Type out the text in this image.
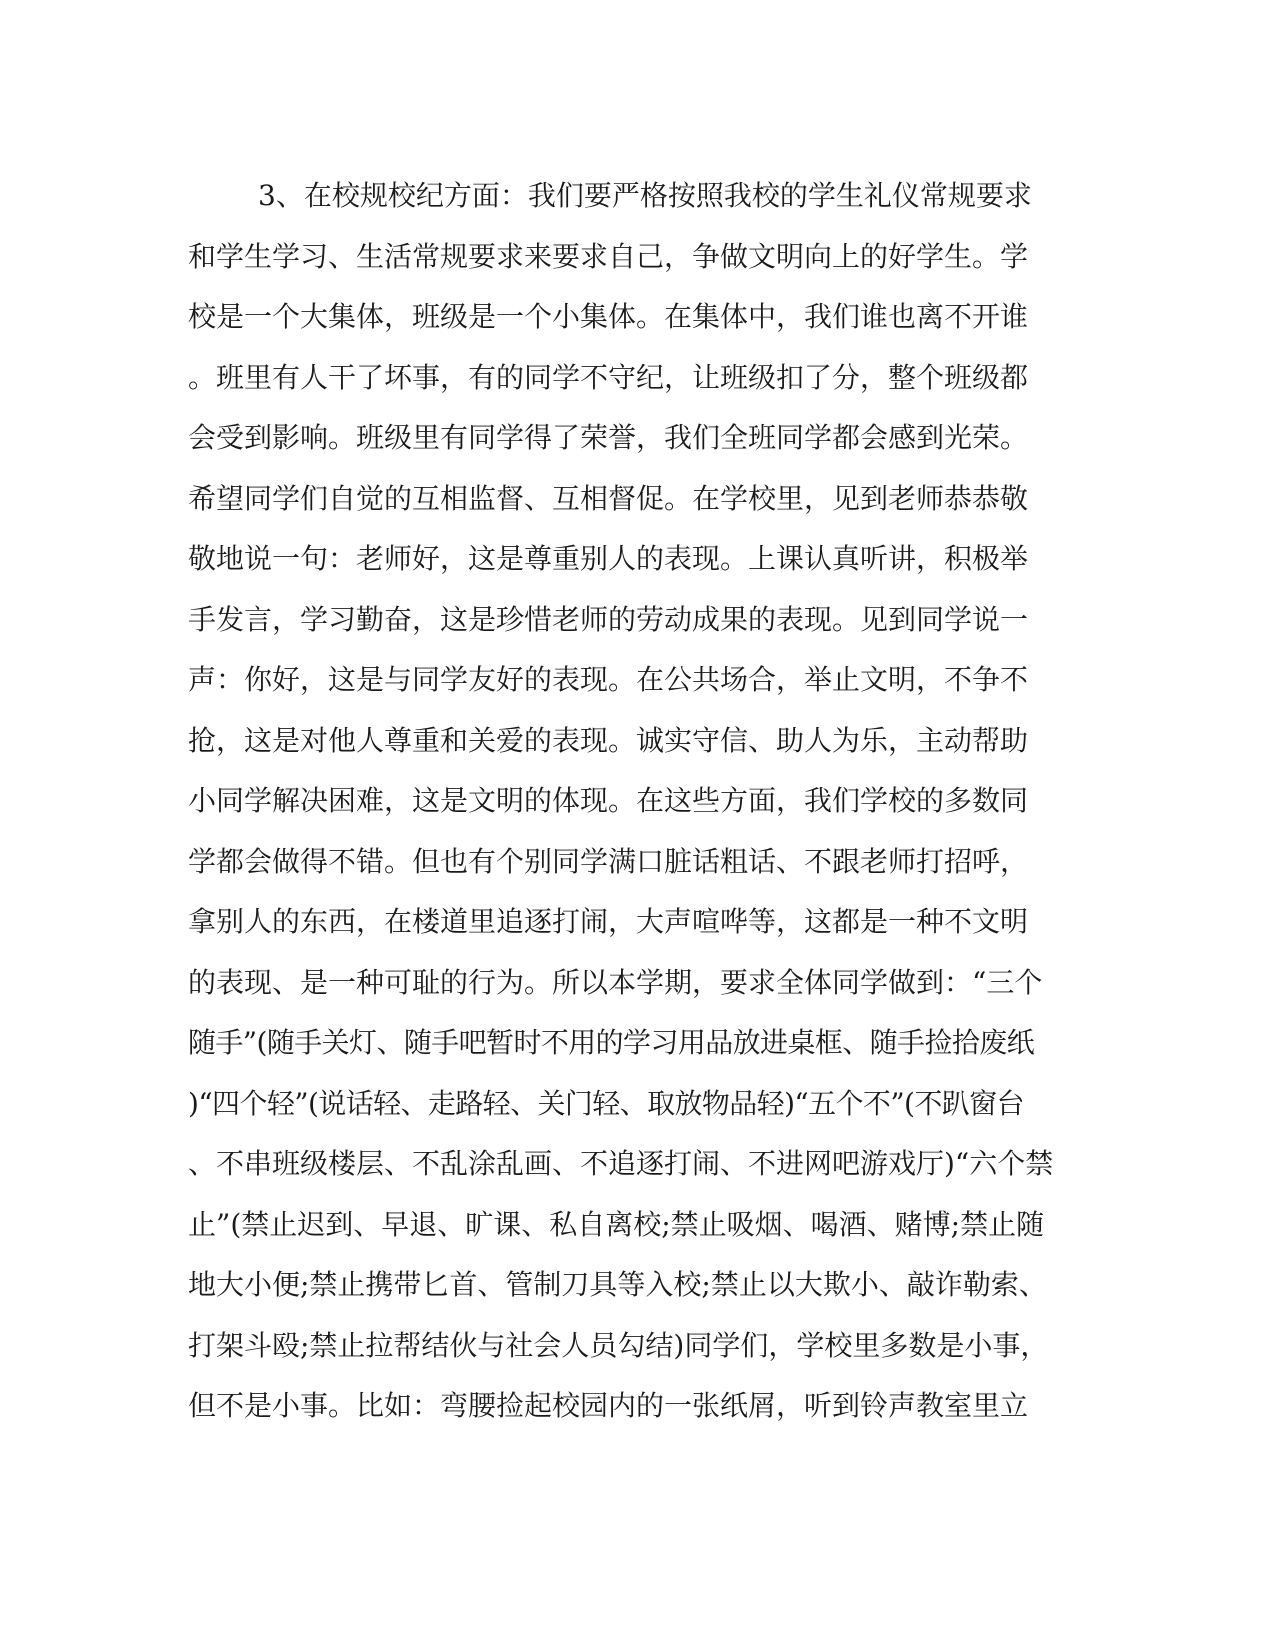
3、在校规校纪方面：我们要严格按照我校的学生礼仪常规要求
和学生学习、生活常规要求来要求自己，争做文明向上的好学生。学
校是一个大集体，班级是一个小集体。在集体中，我们谁也离不开谁
。班里有人干了坏事，有的同学不守纪，让班级扣了分，整个班级都
会受到影响。班级里有同学得了荣誉，我们全班同学都会感到光荣。
希望同学们自觉的互相监督、互相督促。在学校里，见到老师恭恭敬
敬地说一句：老师好，这是尊重别人的表现。上课认真听讲，积极举
手发言，学习勤奋，这是珍惜老师的劳动成果的表现。见到同学说一
声：你好，这是与同学友好的表现。在公共场合，举止文明，不争不
抢，这是对他人尊重和关爱的表现。诚实守信、助人为乐，主动帮助
小同学解决困难，这是文明的体现。在这些方面，我们学校的多数同
学都会做得不错。但也有个别同学满口脏话粗话、不跟老师打招呼，
拿别人的东西，在楼道里追逐打闹，大声喧哗等，这都是一种不文明
的表现、是一种可耻的行为。所以本学期，要求全体同学做到：“三个
随手”(随手关灯、随手吧暂时不用的学习用品放进桌框、随手捡拾废纸
)“四个轻”(说话轻、走路轻、关门轻、取放物品轻)“五个不”(不趴窗台
、不串班级楼层、不乱涂乱画、不追逐打闹、不进网吧游戏厅)“六个禁
止”(禁止迟到、早退、旷课、私自离校;禁止吸烟、喝酒、赌博;禁止随
地大小便;禁止携带匕首、管制刀具等入校;禁止以大欺小、敲诈勒索、
打架斗殴;禁止拉帮结伙与社会人员勾结)同学们，学校里多数是小事，
但不是小事。比如：弯腰捡起校园内的一张纸屑，听到铃声教室里立
